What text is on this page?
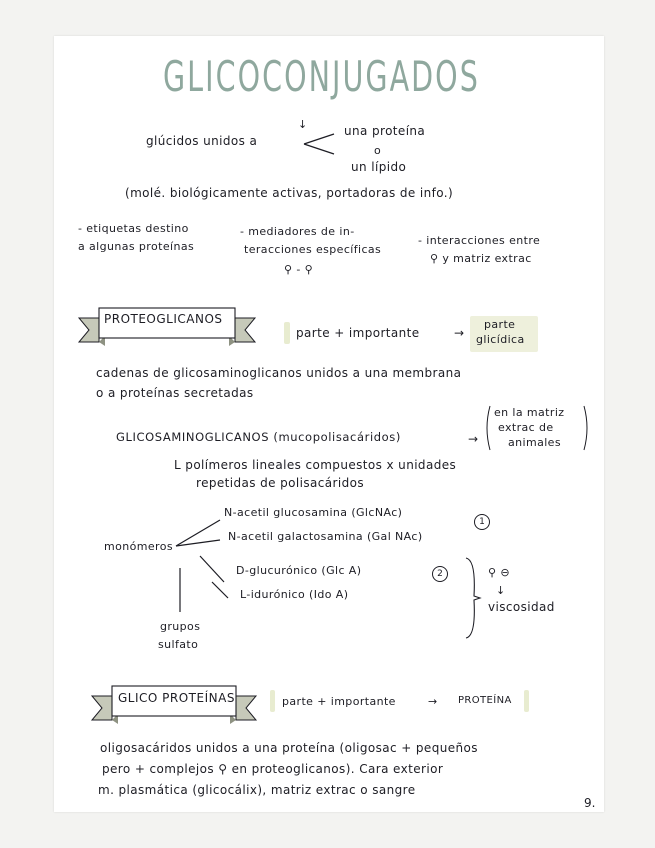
GLICOCONJUGADOS
glúcidos unidos a
↓	una proteína
o
un lípido
(molé. biológicamente activas, portadoras de info.)
- etiquetas destino
a algunas proteínas
- mediadores de in-
teracciones específicas
⚲ - ⚲
- interacciones entre
⚲ y matriz extrac
PROTEOGLICANOS
parte + importante	→
parte
glicídica
cadenas de glicosaminoglicanos unidos a una membrana
o a proteínas secretadas
GLICOSAMINOGLICANOS (mucopolisacáridos)	→
en la matriz
extrac de
animales
L polímeros lineales compuestos x unidades
repetidas de polisacáridos
monómeros
N-acetil glucosamina (GlcNAc)
N-acetil galactosamina (Gal NAc)
1
D-glucurónico (Glc A)
L-idurónico (Ido A)
2	⚲ ⊖
↓
viscosidad
grupos
sulfato
GLICO PROTEÍNAS	parte + importante	→ PROTEÍNA
oligosacáridos unidos a una proteína (oligosac + pequeños
pero + complejos ⚲ en proteoglicanos). Cara exterior
m. plasmática (glicocálix), matriz extrac o sangre
9.
